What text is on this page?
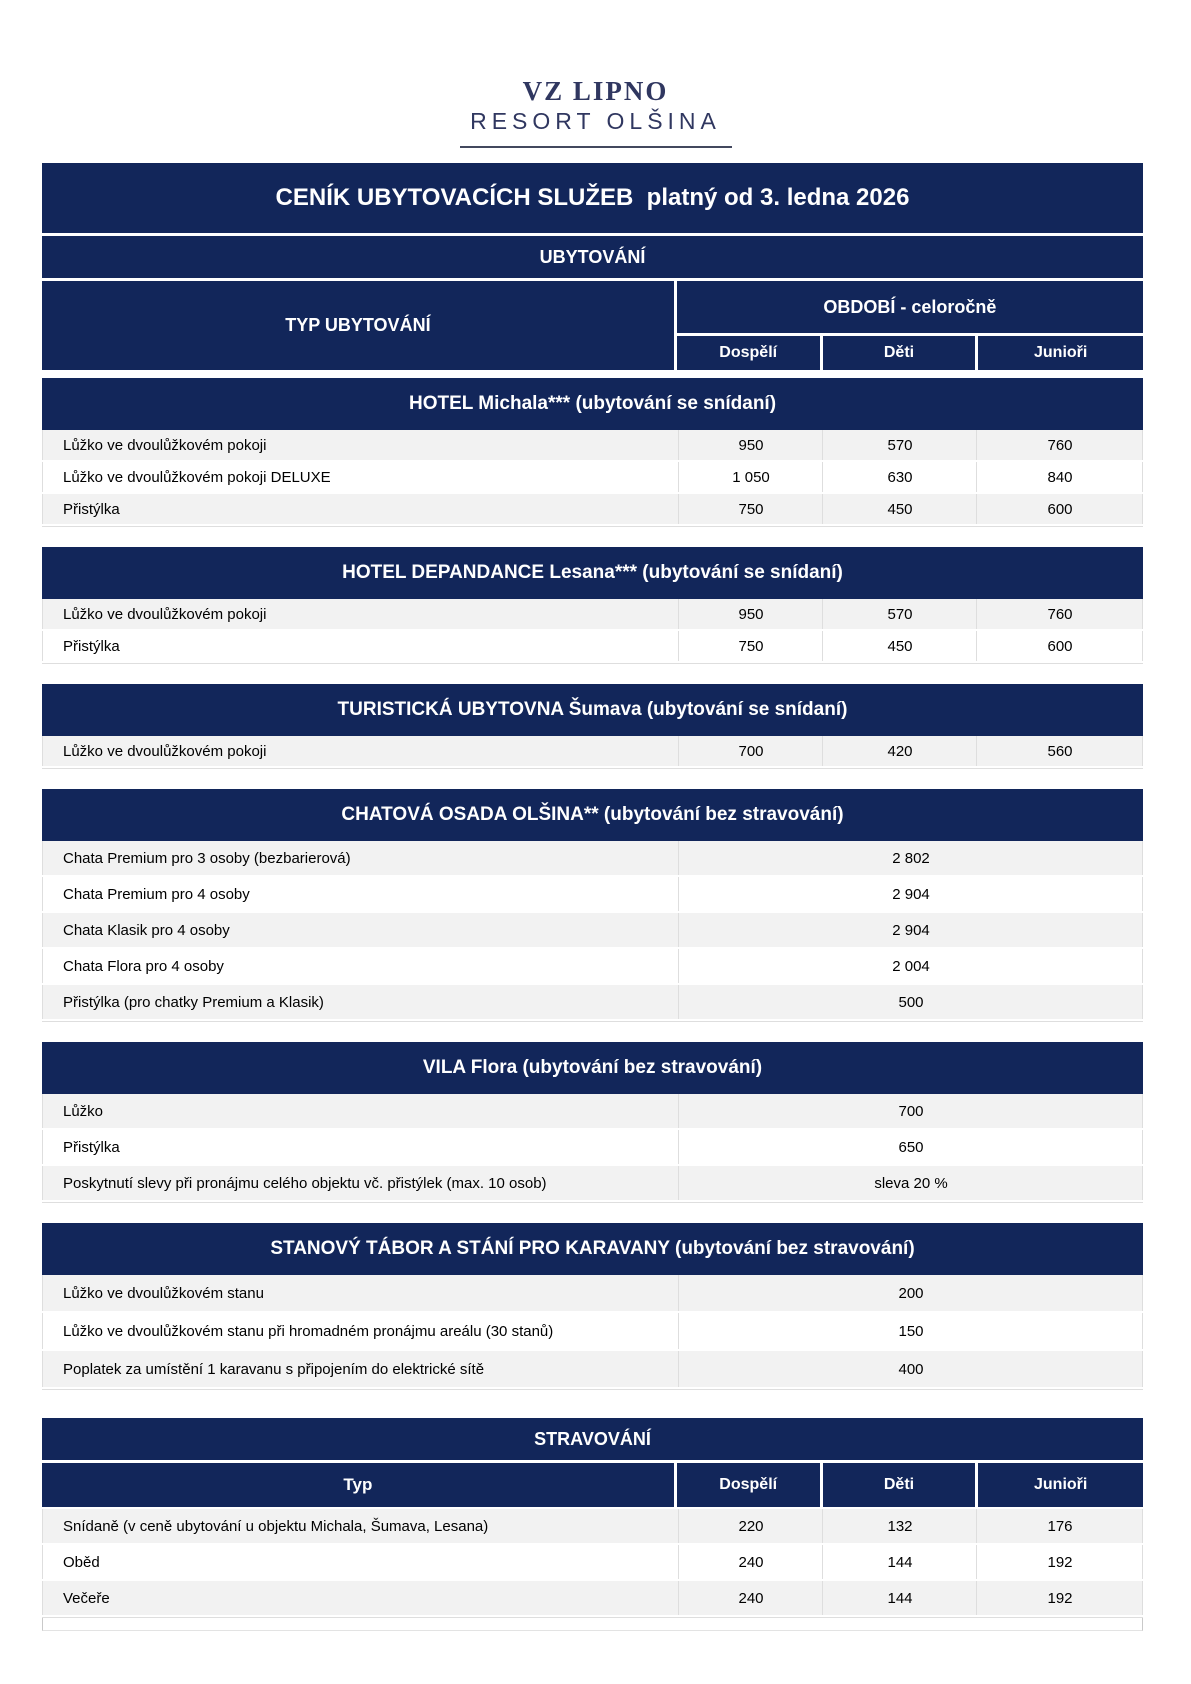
VZ LIPNO
RESORT OLŠINA
CENÍK UBYTOVACÍCH SLUŽEB  platný od 3. ledna 2026
UBYTOVÁNÍ
TYP UBYTOVÁNÍ
OBDOBÍ - celoročně
Dospělí	Děti	Junioři
HOTEL Michala*** (ubytování se snídaní)
Lůžko ve dvoulůžkovém pokoji	950	570	760
Lůžko ve dvoulůžkovém pokoji DELUXE	1 050	630	840
Přistýlka	750	450	600
HOTEL DEPANDANCE Lesana*** (ubytování se snídaní)
Lůžko ve dvoulůžkovém pokoji	950	570	760
Přistýlka	750	450	600
TURISTICKÁ UBYTOVNA Šumava (ubytování se snídaní)
Lůžko ve dvoulůžkovém pokoji	700	420	560
CHATOVÁ OSADA OLŠINA** (ubytování bez stravování)
Chata Premium pro 3 osoby (bezbarierová)	2 802
Chata Premium pro 4 osoby	2 904
Chata Klasik pro 4 osoby	2 904
Chata Flora pro 4 osoby	2 004
Přistýlka (pro chatky Premium a Klasik)	500
VILA Flora (ubytování bez stravování)
Lůžko	700
Přistýlka	650
Poskytnutí slevy při pronájmu celého objektu vč. přistýlek (max. 10 osob)	sleva 20 %
STANOVÝ TÁBOR A STÁNÍ PRO KARAVANY (ubytování bez stravování)
Lůžko ve dvoulůžkovém stanu	200
Lůžko ve dvoulůžkovém stanu při hromadném pronájmu areálu (30 stanů)	150
Poplatek za umístění 1 karavanu s připojením do elektrické sítě	400
STRAVOVÁNÍ
Typ	Dospělí	Děti	Junioři
Snídaně (v ceně ubytování u objektu Michala, Šumava, Lesana)	220	132	176
Oběd	240	144	192
Večeře	240	144	192
